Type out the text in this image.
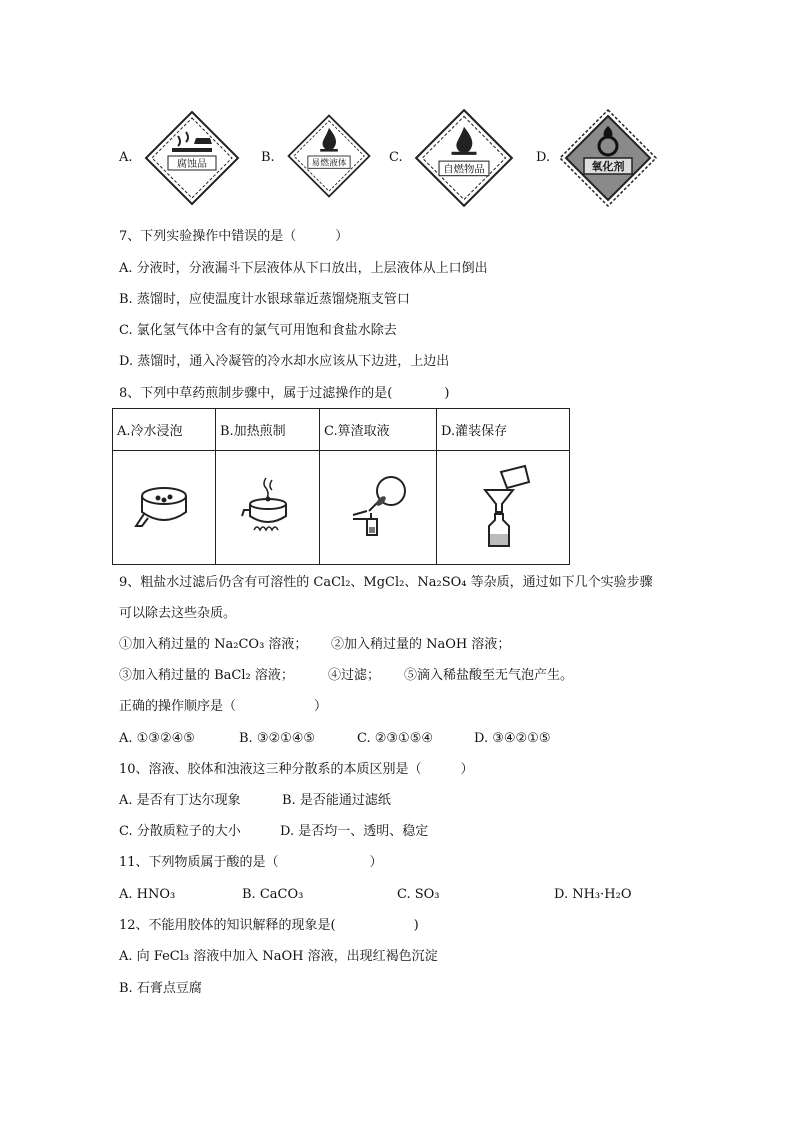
A.	腐蚀品	B.	易燃液体	C.
自燃物品
D.
氧化剂
7、下列实验操作中错误的是（　　　）
A. 分液时，分液漏斗下层液体从下口放出，上层液体从上口倒出
B. 蒸馏时，应使温度计水银球靠近蒸馏烧瓶支管口
C. 氯化氢气体中含有的氯气可用饱和食盐水除去
D. 蒸馏时，通入冷凝管的冷水却水应该从下边进，上边出
8、下列中草药煎制步骤中，属于过滤操作的是(　　　　)
A.冷水浸泡	B.加热煎制	C.箅渣取液	D.灌装保存

9、粗盐水过滤后仍含有可溶性的 CaCl₂、MgCl₂、Na₂SO₄ 等杂质，通过如下几个实验步骤
可以除去这些杂质。
①加入稍过量的 Na₂CO₃ 溶液； ②加入稍过量的 NaOH 溶液；
③加入稍过量的 BaCl₂ 溶液；	④过滤； ⑤滴入稀盐酸至无气泡产生。
正确的操作顺序是（　　　　　　）
A. ①③②④⑤	B. ③②①④⑤	C. ②③①⑤④	D. ③④②①⑤
10、溶液、胶体和浊液这三种分散系的本质区别是（　　　）
A. 是否有丁达尔现象	B. 是否能通过滤纸
C. 分散质粒子的大小	D. 是否均一、透明、稳定
11、下列物质属于酸的是（　　　　　　　）
A. HNO₃	B. CaCO₃	C. SO₃	D. NH₃·H₂O
12、不能用胶体的知识解释的现象是(　　　　　　)
A. 向 FeCl₃ 溶液中加入 NaOH 溶液，出现红褐色沉淀
B. 石膏点豆腐
